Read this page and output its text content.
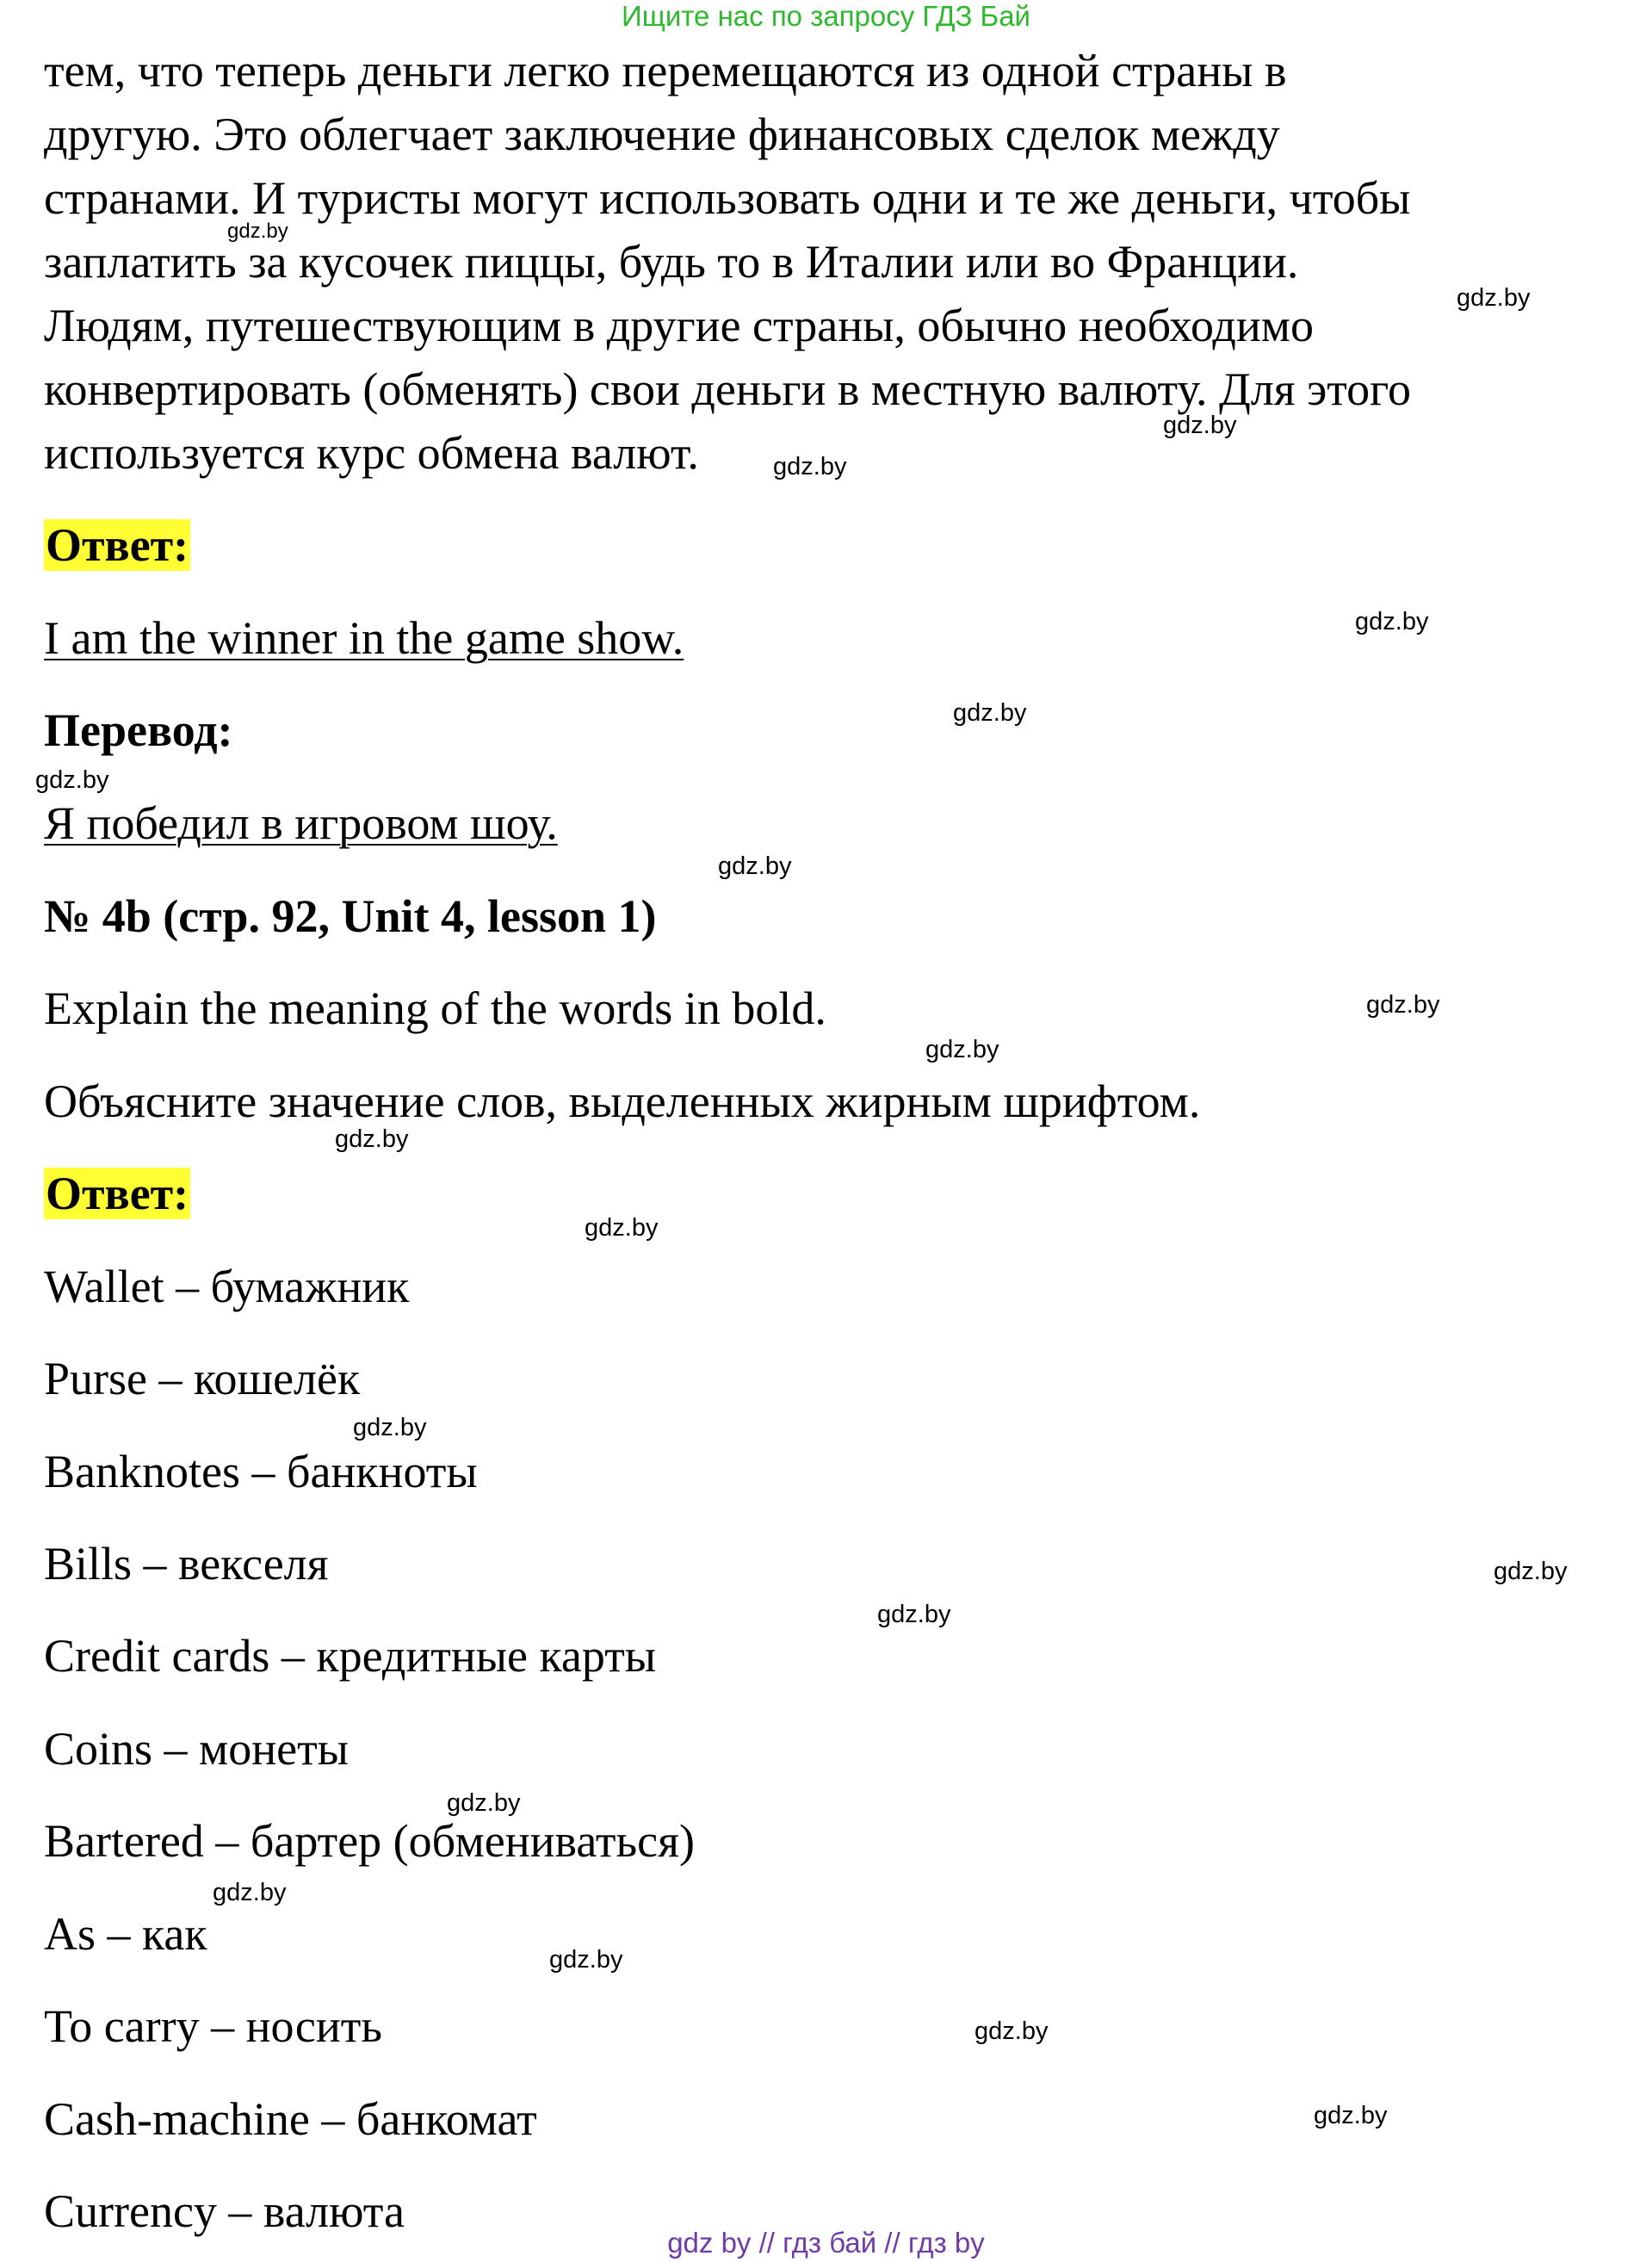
Ищите нас по запросу ГДЗ Бай

тем, что теперь деньги легко перемещаются из одной страны в

другую. Это облегчает заключение финансовых сделок между

странами. И туристы могут использовать одни и те же деньги, чтобы

заплатить за кусочек пиццы, будь то в Италии или во Франции.

Людям, путешествующим в другие страны, обычно необходимо

конвертировать (обменять) свои деньги в местную валюту. Для этого

используется курс обмена валют.

Ответ:

I am the winner in the game show.

Перевод:

Я победил в игровом шоу.

№ 4b (стр. 92, Unit 4, lesson 1)

Explain the meaning of the words in bold.

Объясните значение слов, выделенных жирным шрифтом.

Ответ:

Wallet – бумажник

Purse – кошелёк

Banknotes – банкноты

Bills – векселя

Credit cards – кредитные карты

Coins – монеты

Bartered – бартер (обмениваться)

As – как

To carry – носить

Cash-machine – банкомат

Currency – валюта

gdz.by
gdz.by
gdz.by
gdz.by
gdz.by
gdz.by
gdz.by
gdz.by
gdz.by
gdz.by
gdz.by
gdz.by
gdz.by
gdz.by
gdz.by
gdz.by
gdz.by
gdz.by
gdz.by
gdz.by
gdz by // гдз бай // гдз by
